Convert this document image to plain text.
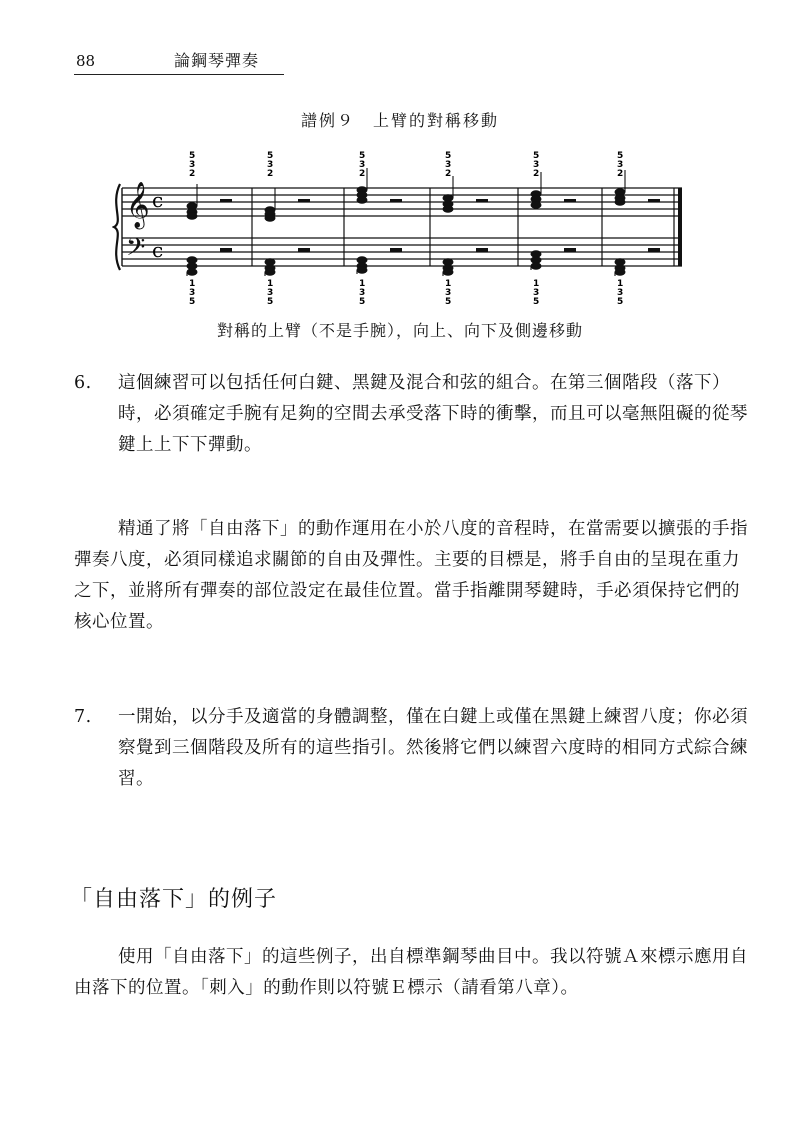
88	論鋼琴彈奏
譜例９　上臂的對稱移動
𝄞
𝄢
c
c
5
3
2
1
3
5
5
3
2
1
3
5
5
3
2
1
3
5
5
3
2
1
3
5
5
3
2
1
3
5
5
3
2
1
3
5
對稱的上臂（不是手腕），向上、向下及側邊移動
6. 這個練習可以包括任何白鍵、黑鍵及混合和弦的組合。在第三個階段（落下）時，必須確定手腕有足夠的空間去承受落下時的衝擊，而且可以毫無阻礙的從琴鍵上上下下彈動。
精通了將「自由落下」的動作運用在小於八度的音程時，在當需要以擴張的手指彈奏八度，必須同樣追求關節的自由及彈性。主要的目標是，將手自由的呈現在重力之下，並將所有彈奏的部位設定在最佳位置。當手指離開琴鍵時，手必須保持它們的核心位置。
7. 一開始，以分手及適當的身體調整，僅在白鍵上或僅在黑鍵上練習八度；你必須察覺到三個階段及所有的這些指引。然後將它們以練習六度時的相同方式綜合練習。
「自由落下」的例子
使用「自由落下」的這些例子，出自標準鋼琴曲目中。我以符號Ａ來標示應用自由落下的位置。「刺入」的動作則以符號Ｅ標示（請看第八章）。
